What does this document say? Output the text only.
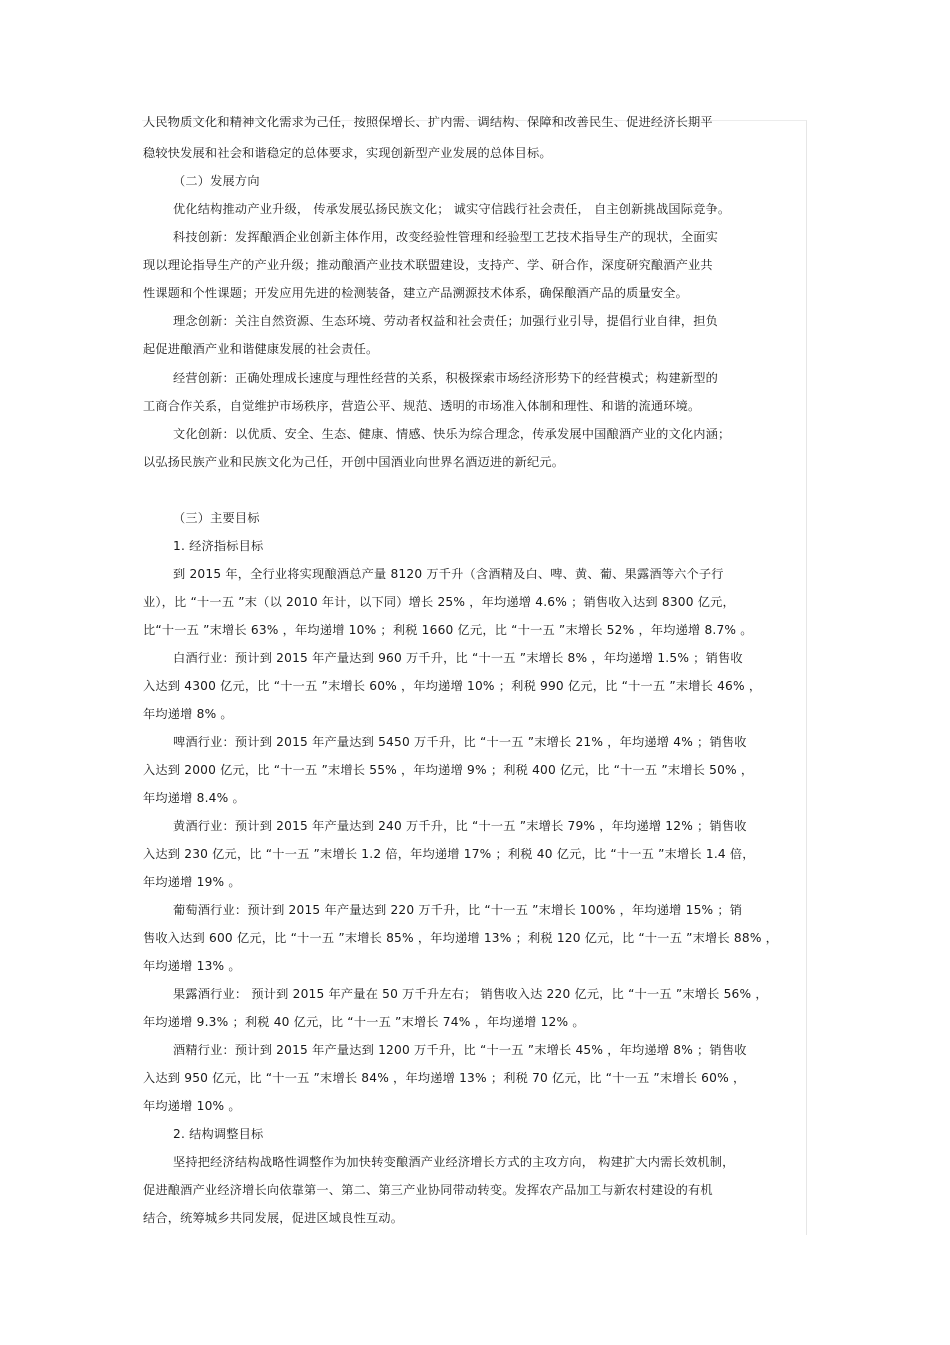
人民物质文化和精神文化需求为己任，按照保增长、扩内需、调结构、保障和改善民生、促进经济长期平
稳较快发展和社会和谐稳定的总体要求，实现创新型产业发展的总体目标。
（二）发展方向
优化结构推动产业升级， 传承发展弘扬民族文化； 诚实守信践行社会责任， 自主创新挑战国际竞争。
科技创新：发挥酿酒企业创新主体作用，改变经验性管理和经验型工艺技术指导生产的现状，全面实
现以理论指导生产的产业升级；推动酿酒产业技术联盟建设，支持产、学、研合作，深度研究酿酒产业共
性课题和个性课题；开发应用先进的检测装备，建立产品溯源技术体系，确保酿酒产品的质量安全。
理念创新：关注自然资源、生态环境、劳动者权益和社会责任；加强行业引导，提倡行业自律，担负
起促进酿酒产业和谐健康发展的社会责任。
经营创新：正确处理成长速度与理性经营的关系，积极探索市场经济形势下的经营模式；构建新型的
工商合作关系，自觉维护市场秩序，营造公平、规范、透明的市场准入体制和理性、和谐的流通环境。
文化创新：以优质、安全、生态、健康、情感、快乐为综合理念，传承发展中国酿酒产业的文化内涵；
以弘扬民族产业和民族文化为己任，开创中国酒业向世界名酒迈进的新纪元。
（三）主要目标
1. 经济指标目标
到 2015 年，全行业将实现酿酒总产量 8120 万千升（含酒精及白、啤、黄、葡、果露酒等六个子行
业），比 “十一五 ”末（以 2010 年计，以下同）增长 25% ，年均递增 4.6% ；销售收入达到 8300 亿元，
比“十一五 ”末增长 63% ，年均递增 10% ；利税 1660 亿元，比 “十一五 ”末增长 52% ，年均递增 8.7% 。
白酒行业：预计到 2015 年产量达到 960 万千升，比 “十一五 ”末增长 8% ，年均递增 1.5% ；销售收
入达到 4300 亿元，比 “十一五 ”末增长 60% ，年均递增 10% ；利税 990 亿元，比 “十一五 ”末增长 46% ，
年均递增 8% 。
啤酒行业：预计到 2015 年产量达到 5450 万千升，比 “十一五 ”末增长 21% ，年均递增 4% ；销售收
入达到 2000 亿元，比 “十一五 ”末增长 55% ，年均递增 9% ；利税 400 亿元，比 “十一五 ”末增长 50% ，
年均递增 8.4% 。
黄酒行业：预计到 2015 年产量达到 240 万千升，比 “十一五 ”末增长 79% ，年均递增 12% ；销售收
入达到 230 亿元，比 “十一五 ”末增长 1.2 倍，年均递增 17% ；利税 40 亿元，比 “十一五 ”末增长 1.4 倍，
年均递增 19% 。
葡萄酒行业：预计到 2015 年产量达到 220 万千升，比 “十一五 ”末增长 100% ，年均递增 15% ；销
售收入达到 600 亿元，比 “十一五 ”末增长 85% ，年均递增 13% ；利税 120 亿元，比 “十一五 ”末增长 88% ，
年均递增 13% 。
果露酒行业： 预计到 2015 年产量在 50 万千升左右； 销售收入达 220 亿元，比 “十一五 ”末增长 56% ，
年均递增 9.3% ；利税 40 亿元，比 “十一五 ”末增长 74% ，年均递增 12% 。
酒精行业：预计到 2015 年产量达到 1200 万千升，比 “十一五 ”末增长 45% ，年均递增 8% ；销售收
入达到 950 亿元，比 “十一五 ”末增长 84% ，年均递增 13% ；利税 70 亿元，比 “十一五 ”末增长 60% ，
年均递增 10% 。
2. 结构调整目标
坚持把经济结构战略性调整作为加快转变酿酒产业经济增长方式的主攻方向， 构建扩大内需长效机制，
促进酿酒产业经济增长向依靠第一、第二、第三产业协同带动转变。发挥农产品加工与新农村建设的有机
结合，统筹城乡共同发展，促进区域良性互动。
